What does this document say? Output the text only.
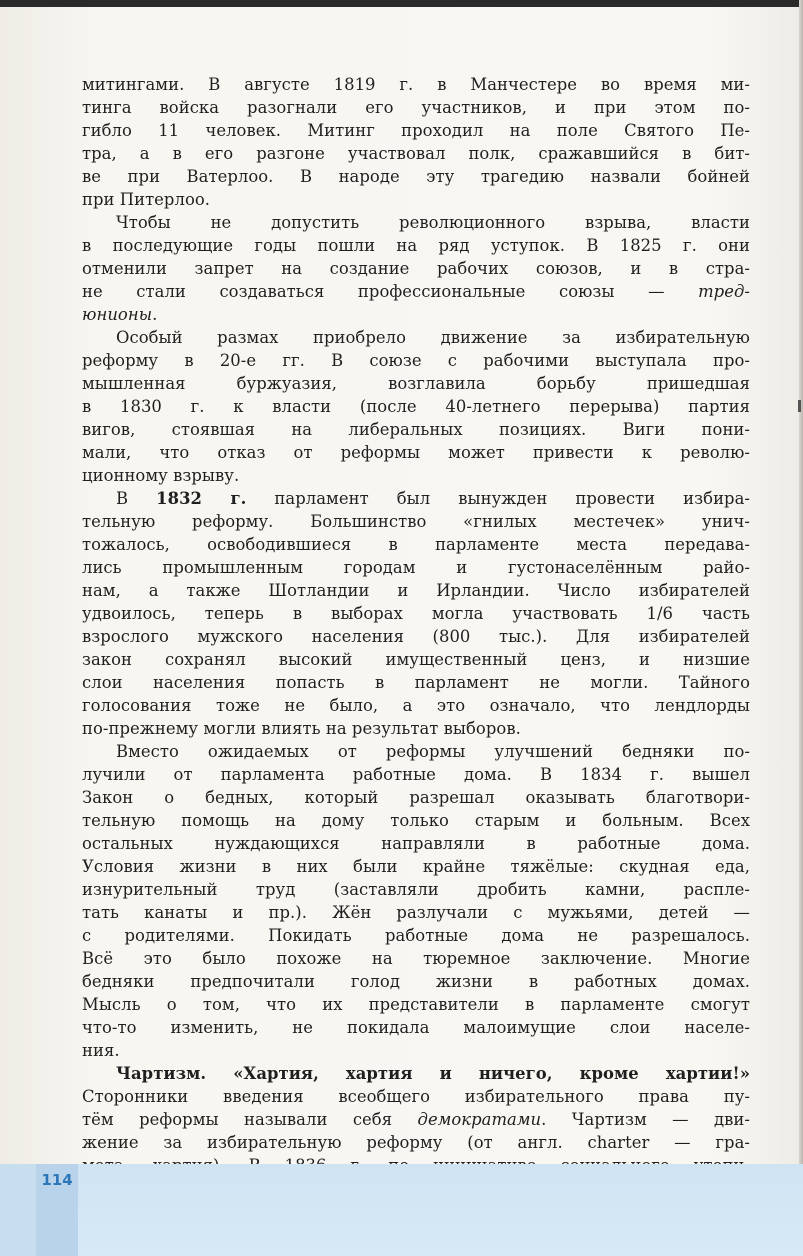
митингами. В августе 1819 г. в Манчестере во время ми-
тинга войска разогнали его участников, и при этом по-
гибло 11 человек. Митинг проходил на поле Святого Пе-
тра, а в его разгоне участвовал полк, сражавшийся в бит-
ве при Ватерлоо. В народе эту трагедию назвали бойней
при Питерлоо.
Чтобы не допустить революционного взрыва, власти
в последующие годы пошли на ряд уступок. В 1825 г. они
отменили запрет на создание рабочих союзов, и в стра-
не стали создаваться профессиональные союзы — тред-
юнионы.
Особый размах приобрело движение за избирательную
реформу в 20-е гг. В союзе с рабочими выступала про-
мышленная буржуазия, возглавила борьбу пришедшая
в 1830 г. к власти (после 40-летнего перерыва) партия
вигов, стоявшая на либеральных позициях. Виги пони-
мали, что отказ от реформы может привести к револю-
ционному взрыву.
В 1832 г. парламент был вынужден провести избира-
тельную реформу. Большинство «гнилых местечек» унич-
тожалось, освободившиеся в парламенте места передава-
лись промышленным городам и густонаселённым райо-
нам, а также Шотландии и Ирландии. Число избирателей
удвоилось, теперь в выборах могла участвовать 1/6 часть
взрослого мужского населения (800 тыс.). Для избирателей
закон сохранял высокий имущественный ценз, и низшие
слои населения попасть в парламент не могли. Тайного
голосования тоже не было, а это означало, что лендлорды
по-прежнему могли влиять на результат выборов.
Вместо ожидаемых от реформы улучшений бедняки по-
лучили от парламента работные дома. В 1834 г. вышел
Закон о бедных, который разрешал оказывать благотвори-
тельную помощь на дому только старым и больным. Всех
остальных нуждающихся направляли в работные дома.
Условия жизни в них были крайне тяжёлые: скудная еда,
изнурительный труд (заставляли дробить камни, распле-
тать канаты и пр.). Жён разлучали с мужьями, детей —
с родителями. Покидать работные дома не разрешалось.
Всё это было похоже на тюремное заключение. Многие
бедняки предпочитали голод жизни в работных домах.
Мысль о том, что их представители в парламенте смогут
что-то изменить, не покидала малоимущие слои населе-
ния.
Чартизм. «Хартия, хартия и ничего, кроме хартии!»
Сторонники введения всеобщего избирательного права пу-
тём реформы называли себя демократами. Чартизм — дви-
жение за избирательную реформу (от англ. charter — гра-
114
